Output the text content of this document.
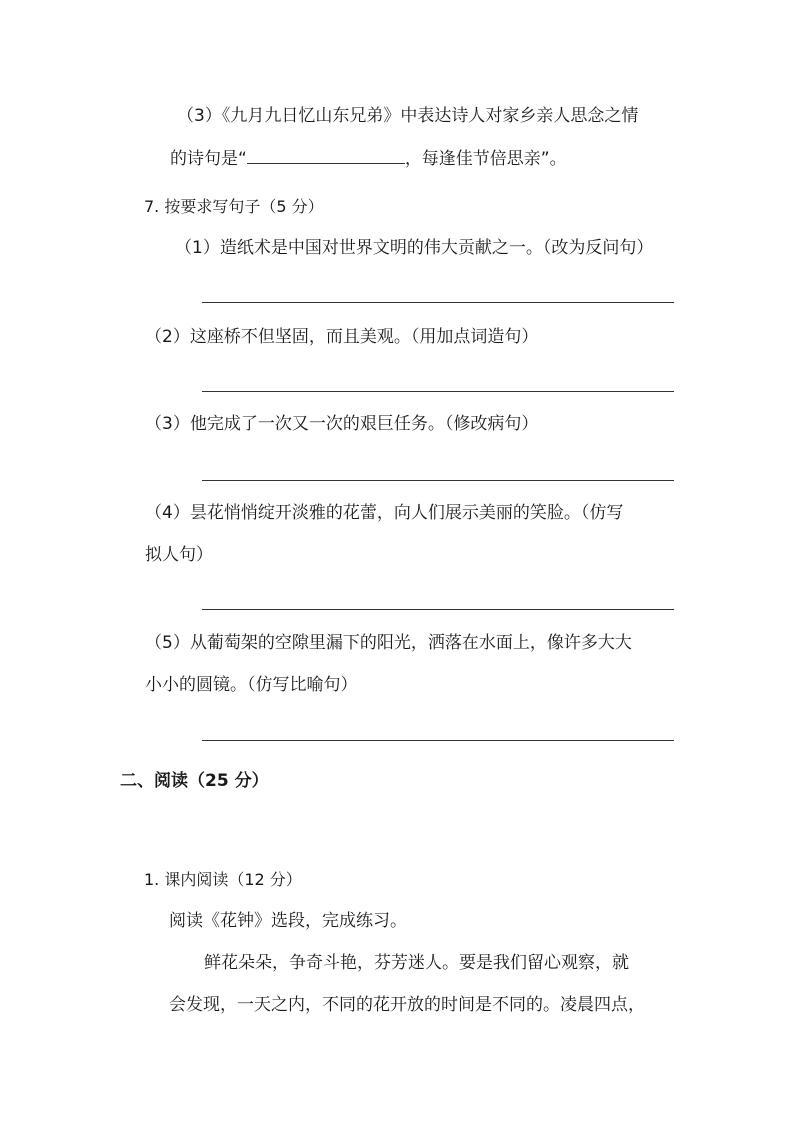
（3）《九月九日忆山东兄弟》中表达诗人对家乡亲人思念之情
的诗句是“	，每逢佳节倍思亲”。
7. 按要求写句子（5 分）
（1）造纸术是中国对世界文明的伟大贡献之一。（改为反问句）
（2）这座桥不但坚固，而且美观。（用加点词造句）
（3）他完成了一次又一次的艰巨任务。（修改病句）
（4）昙花悄悄绽开淡雅的花蕾，向人们展示美丽的笑脸。（仿写
拟人句）
（5）从葡萄架的空隙里漏下的阳光，洒落在水面上，像许多大大
小小的圆镜。（仿写比喻句）
二、阅读（25 分）
1. 课内阅读（12 分）
阅读《花钟》选段，完成练习。
鲜花朵朵，争奇斗艳，芬芳迷人。要是我们留心观察，就
会发现，一天之内，不同的花开放的时间是不同的。凌晨四点，
